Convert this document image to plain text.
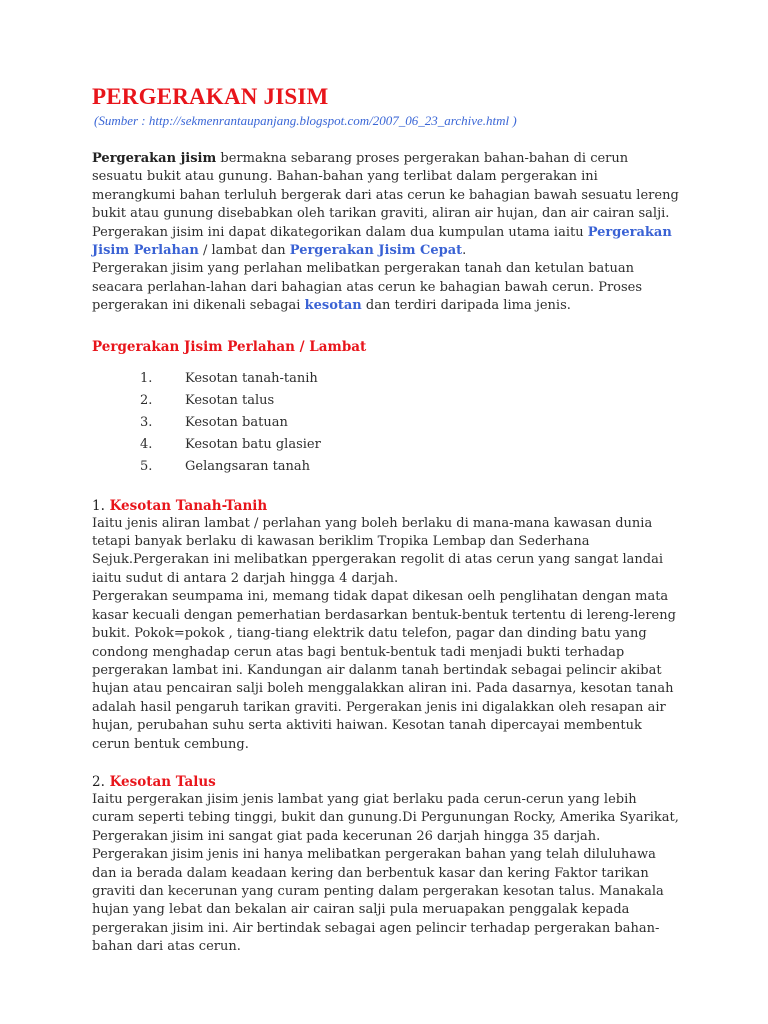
PERGERAKAN JISIM

(Sumber : http://sekmenrantaupanjang.blogspot.com/2007_06_23_archive.html )

Pergerakan jisim bermakna sebarang proses pergerakan bahan-bahan di cerun sesuatu bukit atau gunung. Bahan-bahan yang terlibat dalam pergerakan ini merangkumi bahan terluluh bergerak dari atas cerun ke bahagian bawah sesuatu lereng bukit atau gunung disebabkan oleh tarikan graviti, aliran air hujan, dan air cairan salji. Pergerakan jisim ini dapat dikategorikan dalam dua kumpulan utama iaitu Pergerakan Jisim Perlahan / lambat dan Pergerakan Jisim Cepat.

Pergerakan jisim yang perlahan melibatkan pergerakan tanah dan ketulan batuan seacara perlahan-lahan dari bahagian atas cerun ke bahagian bawah cerun. Proses pergerakan ini dikenali sebagai kesotan dan terdiri daripada lima jenis.

Pergerakan Jisim Perlahan / Lambat
1.	Kesotan tanah-tanih
2.	Kesotan talus
3.	Kesotan batuan
4.	Kesotan batu glasier
5.	Gelangsaran tanah
1. Kesotan Tanah-Tanih

Iaitu jenis aliran lambat / perlahan yang boleh berlaku di mana-mana kawasan dunia tetapi banyak berlaku di kawasan beriklim Tropika Lembap dan Sederhana Sejuk.Pergerakan ini melibatkan ppergerakan regolit di atas cerun yang sangat landai iaitu sudut di antara 2 darjah hingga 4 darjah.

Pergerakan seumpama ini, memang tidak dapat dikesan oelh penglihatan dengan mata kasar kecuali dengan pemerhatian berdasarkan bentuk-bentuk tertentu di lereng-lereng bukit. Pokok=pokok , tiang-tiang elektrik datu telefon, pagar dan dinding batu yang condong menghadap cerun atas bagi bentuk-bentuk tadi menjadi bukti terhadap pergerakan lambat ini. Kandungan air dalanm tanah bertindak sebagai pelincir akibat hujan atau pencairan salji boleh menggalakkan aliran ini. Pada dasarnya, kesotan tanah adalah hasil pengaruh tarikan graviti. Pergerakan jenis ini digalakkan oleh resapan air hujan, perubahan suhu serta aktiviti haiwan. Kesotan tanah dipercayai membentuk cerun bentuk cembung.

2. Kesotan Talus

Iaitu pergerakan jisim jenis lambat yang giat berlaku pada cerun-cerun yang lebih curam seperti tebing tinggi, bukit dan gunung.Di Pergunungan Rocky, Amerika Syarikat, Pergerakan jisim ini sangat giat pada kecerunan 26 darjah hingga 35 darjah.

Pergerakan jisim jenis ini hanya melibatkan pergerakan bahan yang telah diluluhawa dan ia berada dalam keadaan kering dan berbentuk kasar dan kering Faktor tarikan graviti dan kecerunan yang curam penting dalam pergerakan kesotan talus. Manakala hujan yang lebat dan bekalan air cairan salji pula meruapakan penggalak kepada pergerakan jisim ini. Air bertindak sebagai agen pelincir terhadap pergerakan bahan-bahan dari atas cerun.
